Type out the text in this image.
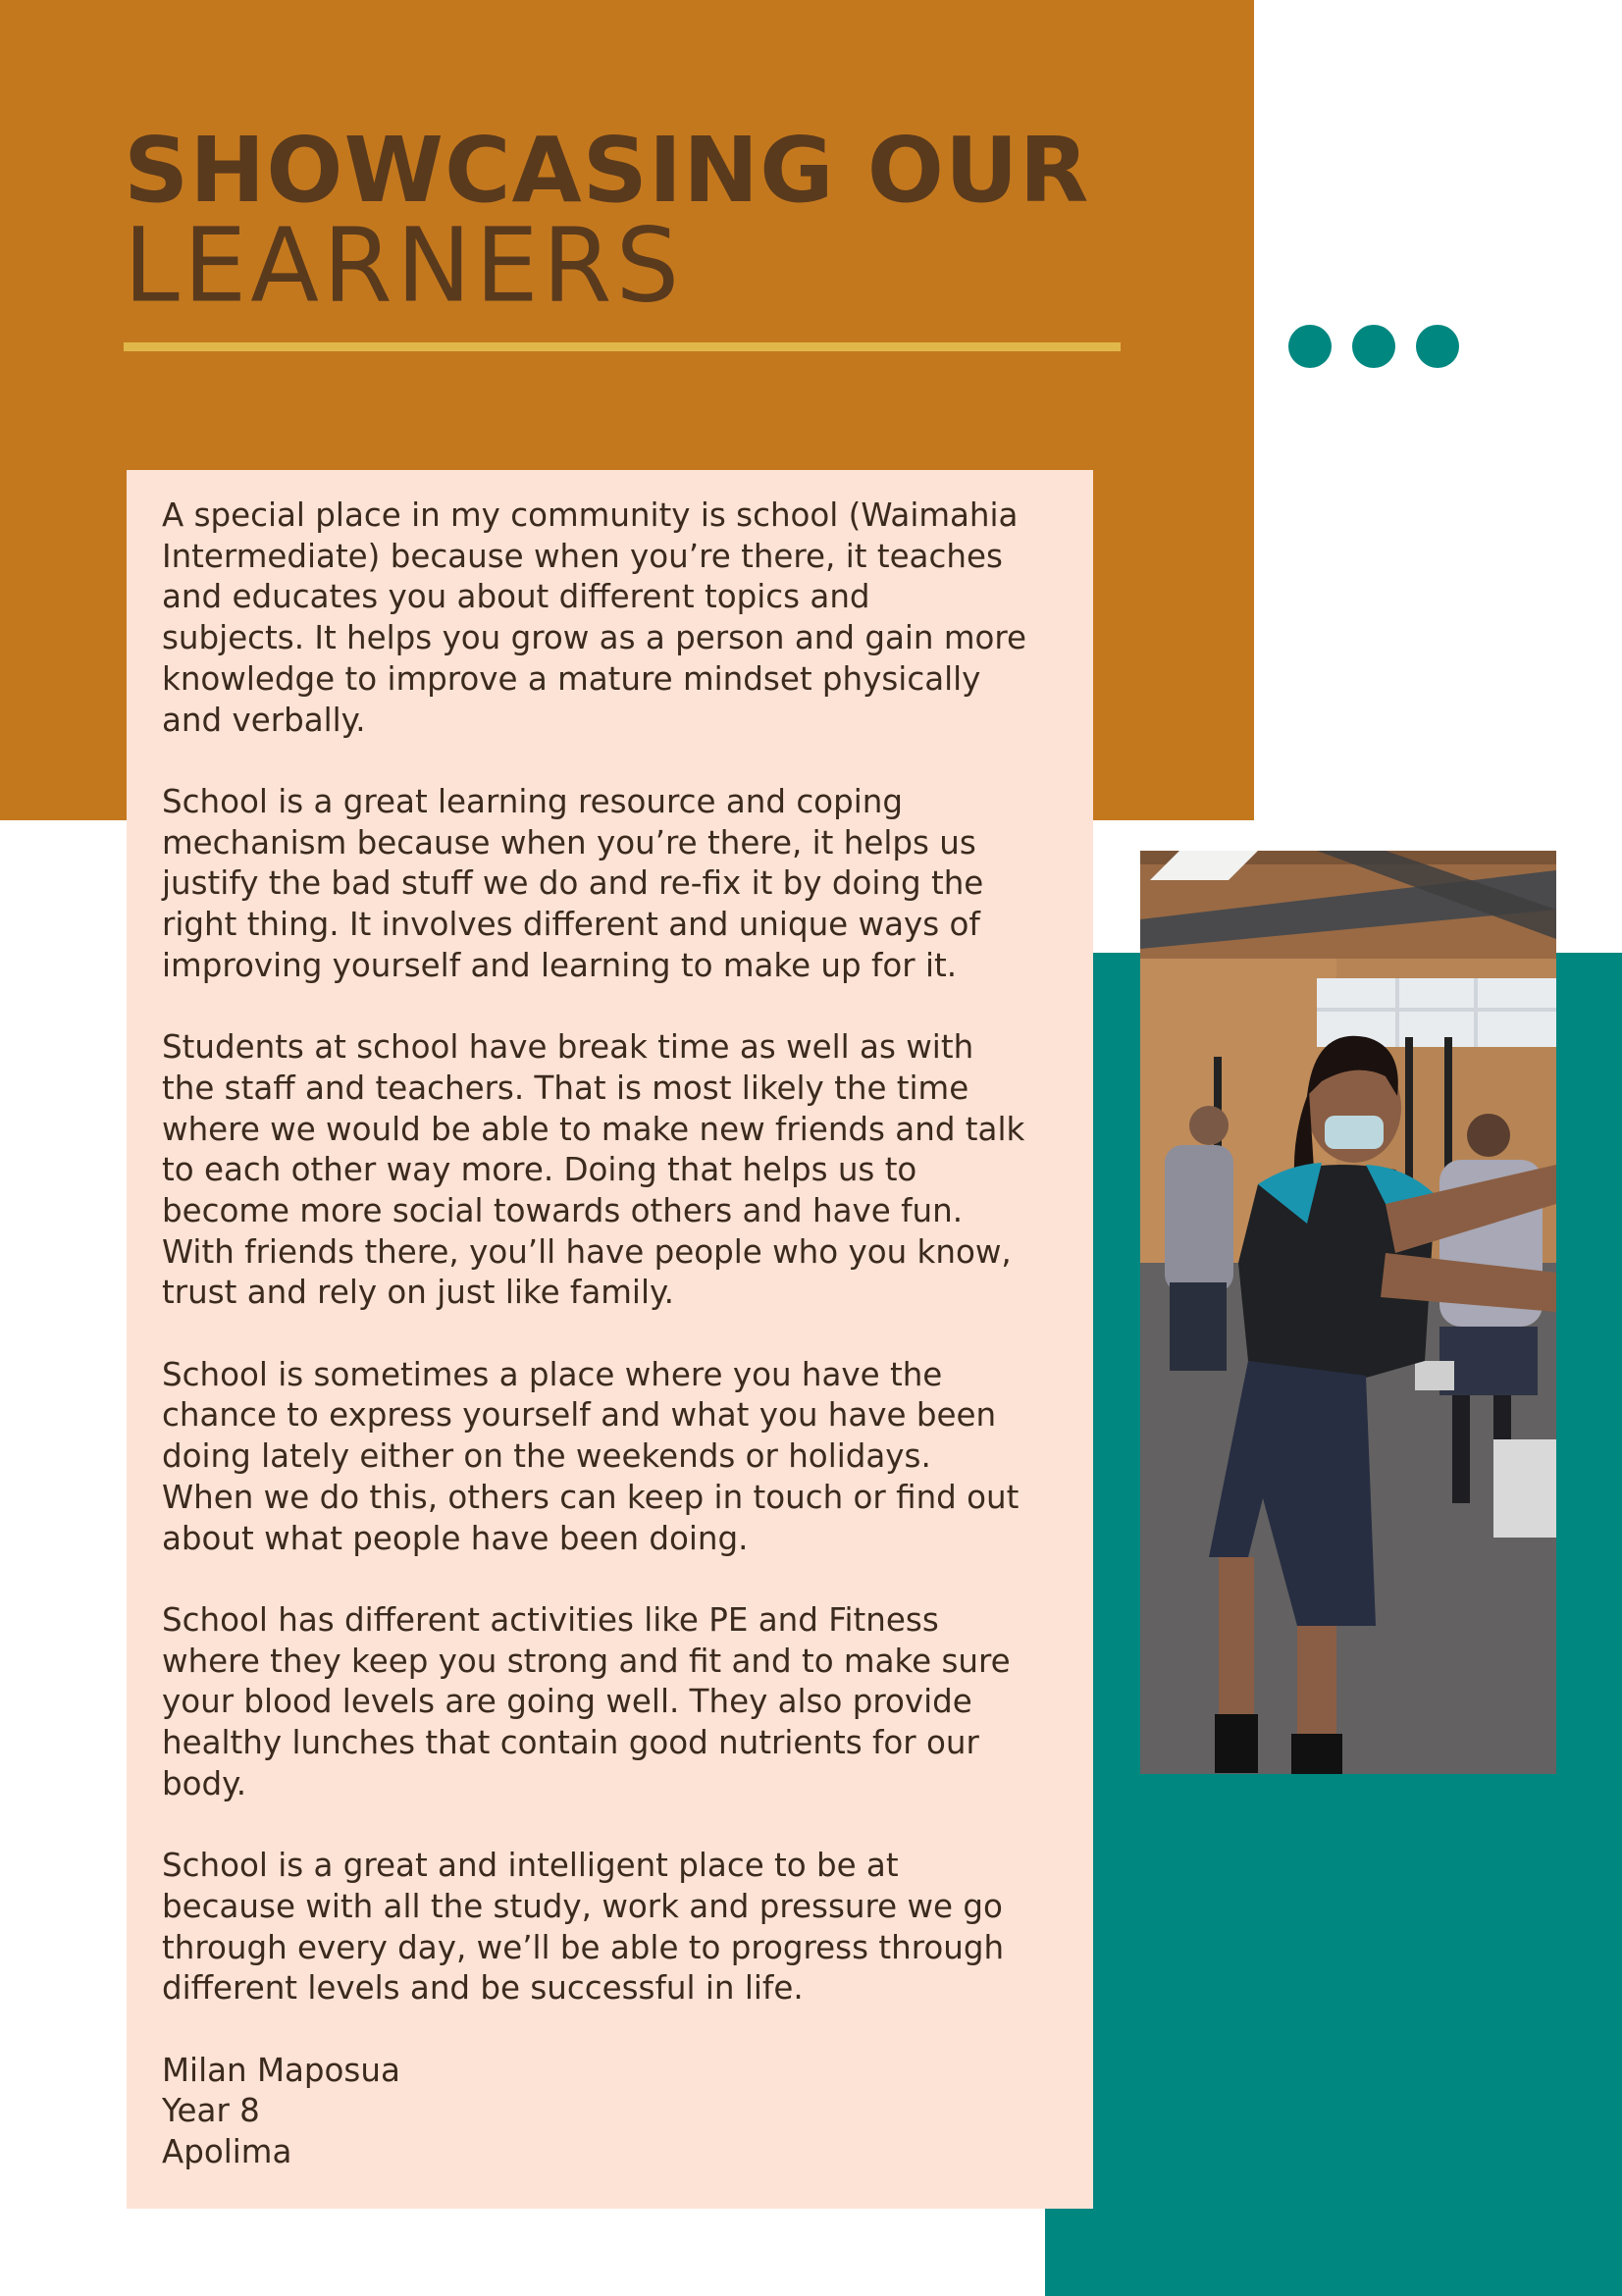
SHOWCASING OUR
LEARNERS

A special place in my community is school (Waimahia
Intermediate) because when you’re there, it teaches
and educates you about different topics and
subjects. It helps you grow as a person and gain more
knowledge to improve a mature mindset physically
and verbally.

School is a great learning resource and coping
mechanism because when you’re there, it helps us
justify the bad stuff we do and re-fix it by doing the
right thing. It involves different and unique ways of
improving yourself and learning to make up for it.

Students at school have break time as well as with
the staff and teachers. That is most likely the time
where we would be able to make new friends and talk
to each other way more. Doing that helps us to
become more social towards others and have fun.
With friends there, you’ll have people who you know,
trust and rely on just like family.

School is sometimes a place where you have the
chance to express yourself and what you have been
doing lately either on the weekends or holidays.
When we do this, others can keep in touch or find out
about what people have been doing.

School has different activities like PE and Fitness
where they keep you strong and fit and to make sure
your blood levels are going well. They also provide
healthy lunches that contain good nutrients for our
body.

School is a great and intelligent place to be at
because with all the study, work and pressure we go
through every day, we’ll be able to progress through
different levels and be successful in life.

Milan Maposua
Year 8
Apolima
